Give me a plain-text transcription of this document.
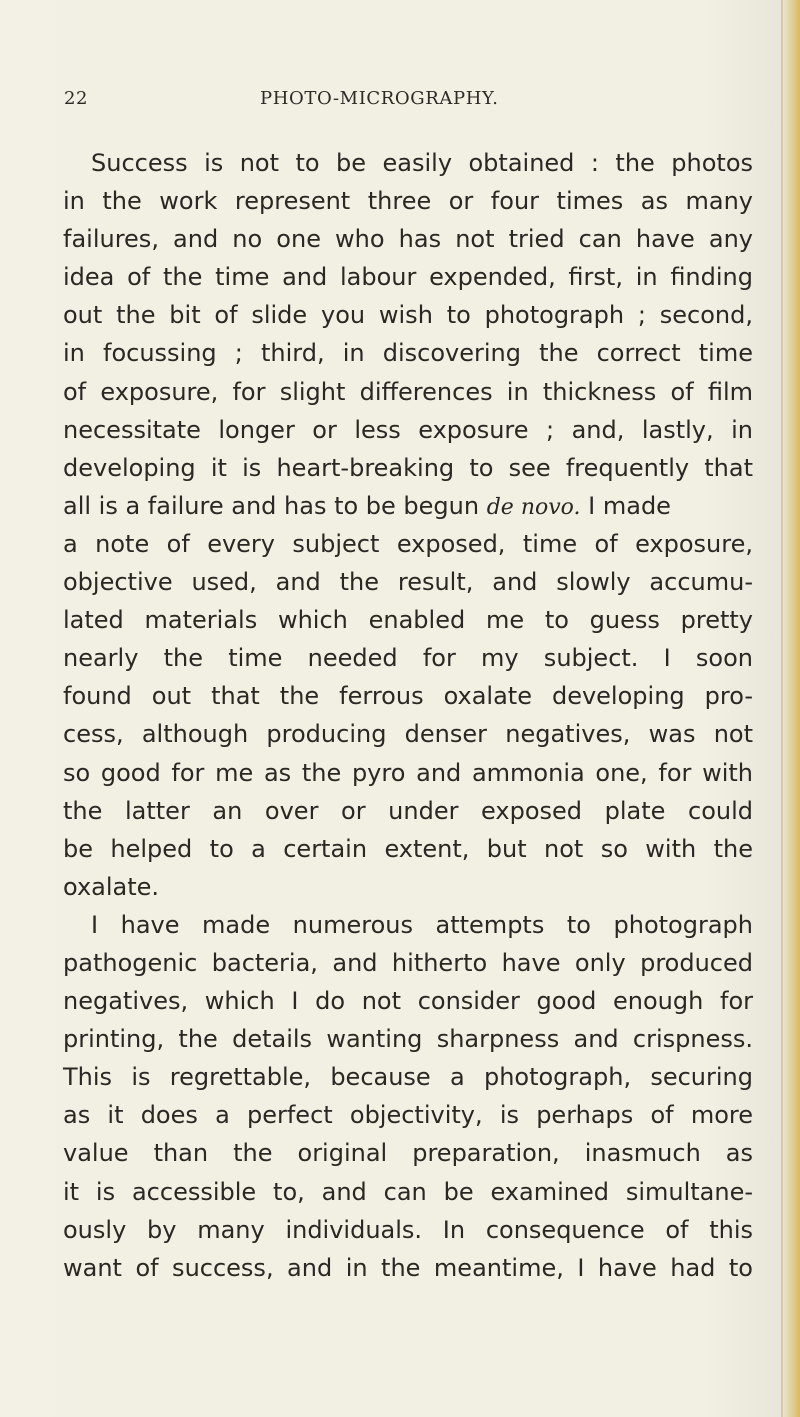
22	PHOTO-MICROGRAPHY.
Success is not to be easily obtained : the photos
in the work represent three or four times as many
failures, and no one who has not tried can have any
idea of the time and labour expended, first, in finding
out the bit of slide you wish to photograph ; second,
in focussing ; third, in discovering the correct time
of exposure, for slight differences in thickness of film
necessitate longer or less exposure ; and, lastly, in
developing it is heart-breaking to see frequently that
all is a failure and has to be begun de novo. I made
a note of every subject exposed, time of exposure,
objective used, and the result, and slowly accumu-
lated materials which enabled me to guess pretty
nearly the time needed for my subject. I soon
found out that the ferrous oxalate developing pro-
cess, although producing denser negatives, was not
so good for me as the pyro and ammonia one, for with
the latter an over or under exposed plate could
be helped to a certain extent, but not so with the
oxalate.
I have made numerous attempts to photograph
pathogenic bacteria, and hitherto have only produced
negatives, which I do not consider good enough for
printing, the details wanting sharpness and crispness.
This is regrettable, because a photograph, securing
as it does a perfect objectivity, is perhaps of more
value than the original preparation, inasmuch as
it is accessible to, and can be examined simultane-
ously by many individuals. In consequence of this
want of success, and in the meantime, I have had to
